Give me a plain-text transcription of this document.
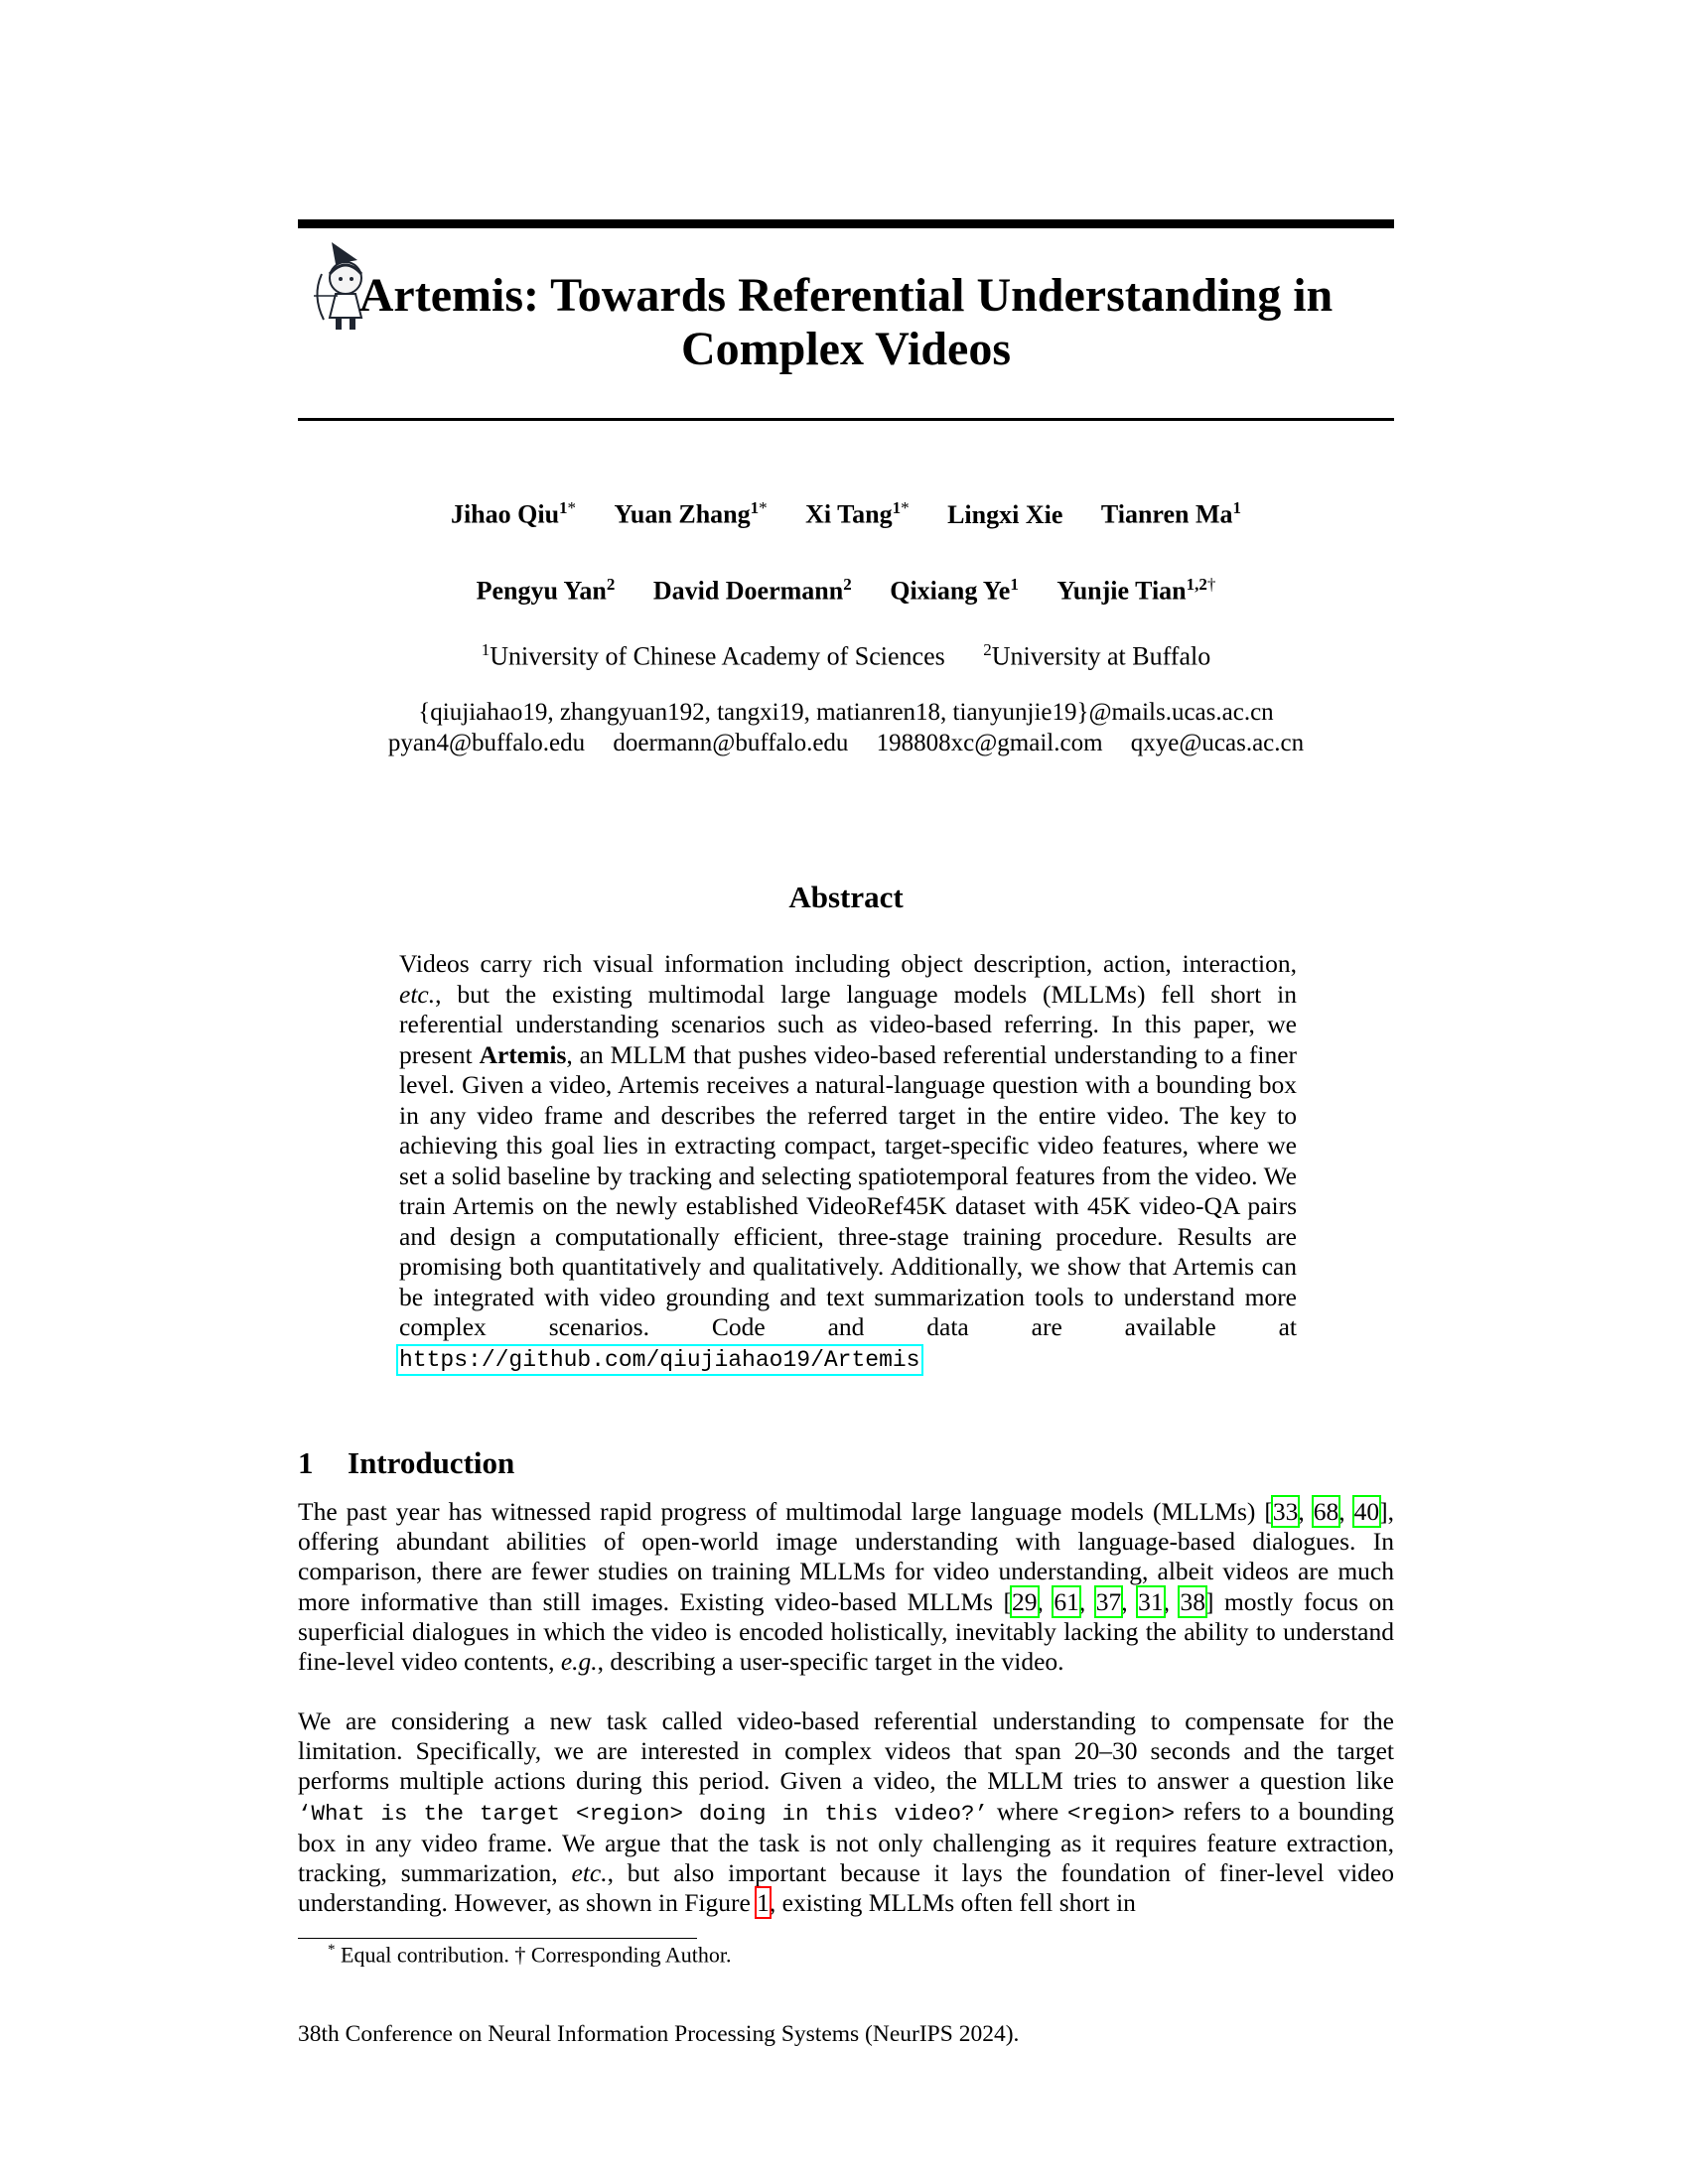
Artemis: Towards Referential Understanding in
Complex Videos
Jihao Qiu$^{1*}$ Yuan Zhang$^{1*}$ Xi Tang$^{1*}$ Lingxi Xie Tianren Ma$^1$
Pengyu Yan$^2$ David Doermann$^2$ Qixiang Ye$^1$ Yunjie Tian$^{1,2\dagger}$
$^1$University of Chinese Academy of Sciences $^2$University at Buffalo
{qiujiahao19, zhangyuan192, tangxi19, matianren18, tianyunjie19}@mails.ucas.ac.cn
pyan4@buffalo.edu doermann@buffalo.edu 198808xc@gmail.com qxye@ucas.ac.cn
Abstract
Videos carry rich visual information including object description, action, interaction, etc., but the existing multimodal large language models (MLLMs) fell short in referential understanding scenarios such as video-based referring. In this paper, we present Artemis, an MLLM that pushes video-based referential understanding to a finer level. Given a video, Artemis receives a natural-language question with a bounding box in any video frame and describes the referred target in the entire video. The key to achieving this goal lies in extracting compact, target-specific video features, where we set a solid baseline by tracking and selecting spatiotemporal features from the video. We train Artemis on the newly established VideoRef45K dataset with 45K video-QA pairs and design a computationally efficient, three-stage training procedure. Results are promising both quantitatively and qualitatively. Additionally, we show that Artemis can be integrated with video grounding and text summarization tools to understand more complex scenarios. Code and data are available at https://github.com/qiujiahao19/Artemis
1 Introduction
The past year has witnessed rapid progress of multimodal large language models (MLLMs) [33, 68, 40], offering abundant abilities of open-world image understanding with language-based dialogues. In comparison, there are fewer studies on training MLLMs for video understanding, albeit videos are much more informative than still images. Existing video-based MLLMs [29, 61, 37, 31, 38] mostly focus on superficial dialogues in which the video is encoded holistically, inevitably lacking the ability to understand fine-level video contents, e.g., describing a user-specific target in the video.
We are considering a new task called video-based referential understanding to compensate for the limitation. Specifically, we are interested in complex videos that span 20–30 seconds and the target performs multiple actions during this period. Given a video, the MLLM tries to answer a question like ‘What is the target <region> doing in this video?’ where <region> refers to a bounding box in any video frame. We argue that the task is not only challenging as it requires feature extraction, tracking, summarization, etc., but also important because it lays the foundation of finer-level video understanding. However, as shown in Figure 1, existing MLLMs often fell short in
* Equal contribution. † Corresponding Author.
38th Conference on Neural Information Processing Systems (NeurIPS 2024).
